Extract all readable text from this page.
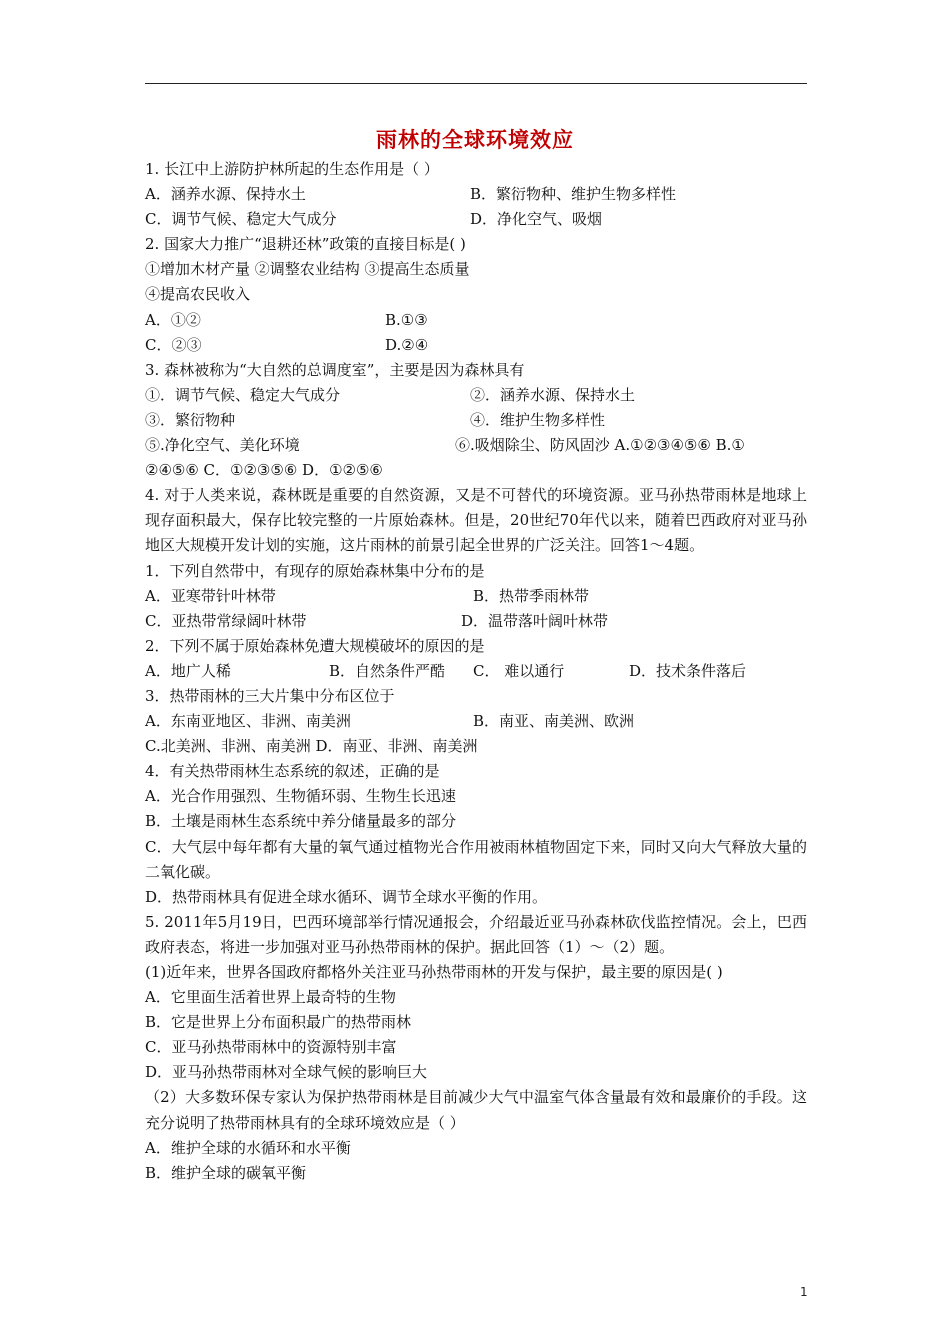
雨林的全球环境效应
1. 长江中上游防护林所起的生态作用是（ ）
A．涵养水源、保持水土	B．繁衍物种、维护生物多样性
C．调节气候、稳定大气成分	D．净化空气、吸烟
2. 国家大力推广“退耕还林”政策的直接目标是( )
①增加木材产量 ②调整农业结构 ③提高生态质量
④提高农民收入
A．①②	B.①③
C．②③	D.②④
3. 森林被称为“大自然的总调度室”，主要是因为森林具有
①．调节气候、稳定大气成分	②．涵养水源、保持水土
③．繁衍物种	④．维护生物多样性
⑤.净化空气、美化环境	⑥.吸烟除尘、防风固沙 A.①②③④⑤⑥ B.①
②④⑤⑥ C．①②③⑤⑥ D．①②⑤⑥
4. 对于人类来说，森林既是重要的自然资源，又是不可替代的环境资源。亚马孙热带雨林是地球上现存面积最大，保存比较完整的一片原始森林。但是，20世纪70年代以来，随着巴西政府对亚马孙地区大规模开发计划的实施，这片雨林的前景引起全世界的广泛关注。回答1～4题。
1．下列自然带中，有现存的原始森林集中分布的是
A．亚寒带针叶林带	B．热带季雨林带
C．亚热带常绿阔叶林带	D．温带落叶阔叶林带
2．下列不属于原始森林免遭大规模破坏的原因的是
A．地广人稀	B．自然条件严酷 C． 难以通行	D．技术条件落后
3．热带雨林的三大片集中分布区位于
A．东南亚地区、非洲、南美洲	B．南亚、南美洲、欧洲
C.北美洲、非洲、南美洲 D．南亚、非洲、南美洲
4．有关热带雨林生态系统的叙述，正确的是
A．光合作用强烈、生物循环弱、生物生长迅速
B．土壤是雨林生态系统中养分储量最多的部分
C．大气层中每年都有大量的氧气通过植物光合作用被雨林植物固定下来，同时又向大气释放大量的二氧化碳。
D．热带雨林具有促进全球水循环、调节全球水平衡的作用。
5. 2011年5月19日，巴西环境部举行情况通报会，介绍最近亚马孙森林砍伐监控情况。会上，巴西政府表态，将进一步加强对亚马孙热带雨林的保护。据此回答（1）～（2）题。
(1)近年来，世界各国政府都格外关注亚马孙热带雨林的开发与保护，最主要的原因是( )
A．它里面生活着世界上最奇特的生物
B．它是世界上分布面积最广的热带雨林
C．亚马孙热带雨林中的资源特别丰富
D．亚马孙热带雨林对全球气候的影响巨大
（2）大多数环保专家认为保护热带雨林是目前减少大气中温室气体含量最有效和最廉价的手段。这充分说明了热带雨林具有的全球环境效应是（ ）
A．维护全球的水循环和水平衡
B．维护全球的碳氧平衡
1
